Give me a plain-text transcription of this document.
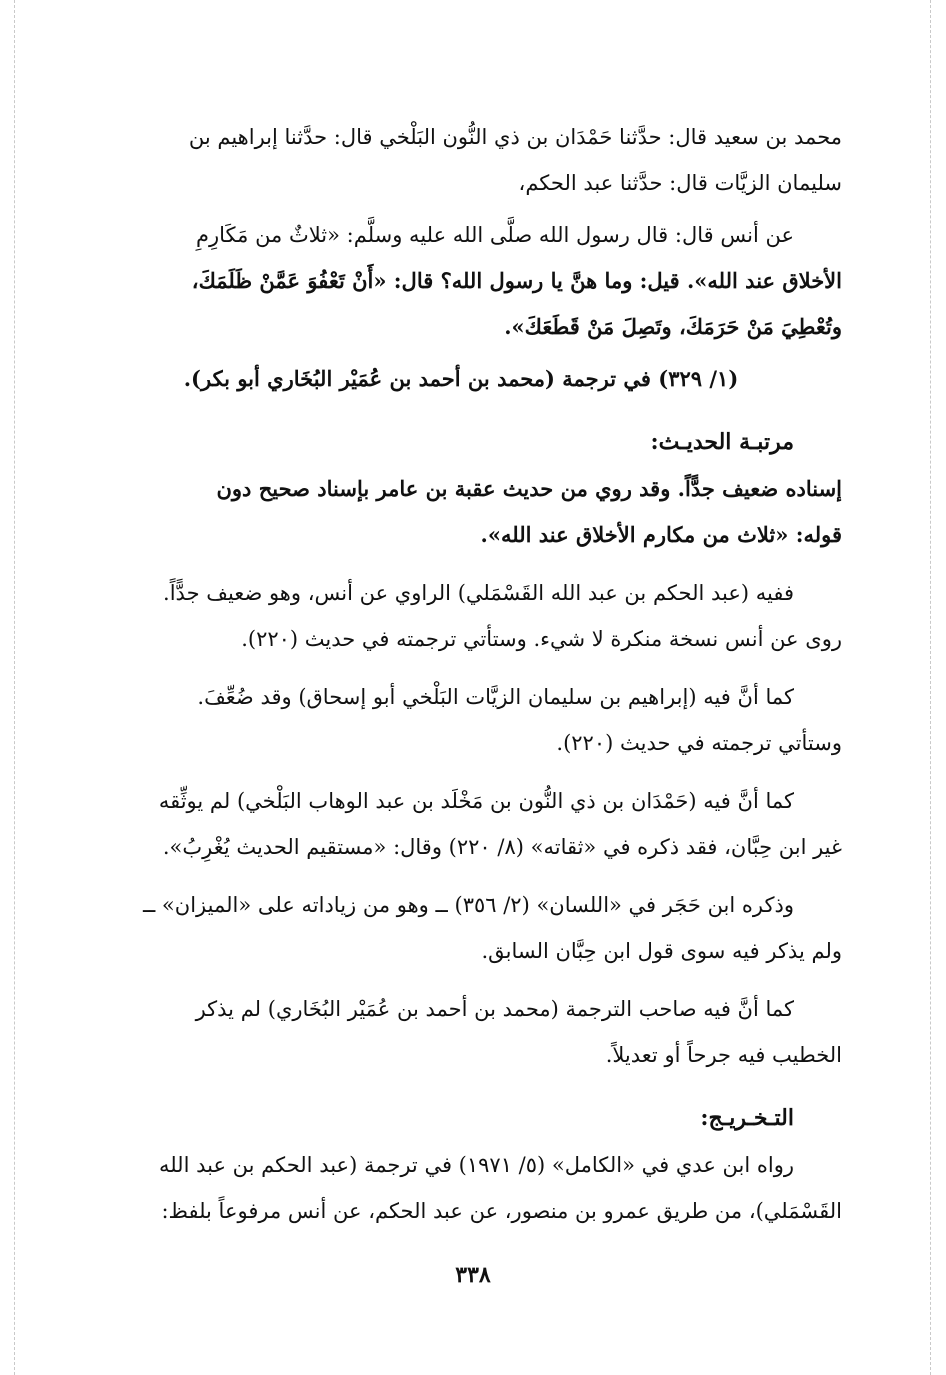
محمد بن سعيد قال: حدَّثنا حَمْدَان بن ذي النُّون البَلْخي قال: حدَّثنا إبراهيم بن
سليمان الزيَّات قال: حدَّثنا عبد الحكم،
عن أنس قال: قال رسول الله صلَّى الله عليه وسلَّم: «ثلاثٌ من مَكَارِمِ
الأخلاق عند الله». قيل: وما هنَّ يا رسول الله؟ قال: «أَنْ تَعْفُوَ عَمَّنْ ظَلَمَكَ،
وتُعْطِيَ مَنْ حَرَمَكَ، وتَصِلَ مَنْ قَطَعَكَ».
(١/ ٣٢٩) في ترجمة (محمد بن أحمد بن عُمَيْر البُخَاري أبو بكر).
مرتبـة الحديـث:
إسناده ضعيف جدًّاً. وقد روي من حديث عقبة بن عامر بإسناد صحيح دون
قوله: «ثلاث من مكارم الأخلاق عند الله».
ففيه (عبد الحكم بن عبد الله القَسْمَلي) الراوي عن أنس، وهو ضعيف جدًّاً.
روى عن أنس نسخة منكرة لا شيء. وستأتي ترجمته في حديث (٢٢٠).
كما أنَّ فيه (إبراهيم بن سليمان الزيَّات البَلْخي أبو إسحاق) وقد ضُعِّفَ.
وستأتي ترجمته في حديث (٢٢٠).
كما أنَّ فيه (حَمْدَان بن ذي النُّون بن مَخْلَد بن عبد الوهاب البَلْخي) لم يوثِّقه
غير ابن حِبَّان، فقد ذكره في «ثقاته» (٨/ ٢٢٠) وقال: «مستقيم الحديث يُغْرِبُ».
وذكره ابن حَجَر في «اللسان» (٢/ ٣٥٦) ــ وهو من زياداته على «الميزان» ــ
ولم يذكر فيه سوى قول ابن حِبَّان السابق.
كما أنَّ فيه صاحب الترجمة (محمد بن أحمد بن عُمَيْر البُخَاري) لم يذكر
الخطيب فيه جرحاً أو تعديلاً.
التـخـريـج:
رواه ابن عدي في «الكامل» (٥/ ١٩٧١) في ترجمة (عبد الحكم بن عبد الله
القَسْمَلي)، من طريق عمرو بن منصور، عن عبد الحكم، عن أنس مرفوعاً بلفظ:
٣٣٨
